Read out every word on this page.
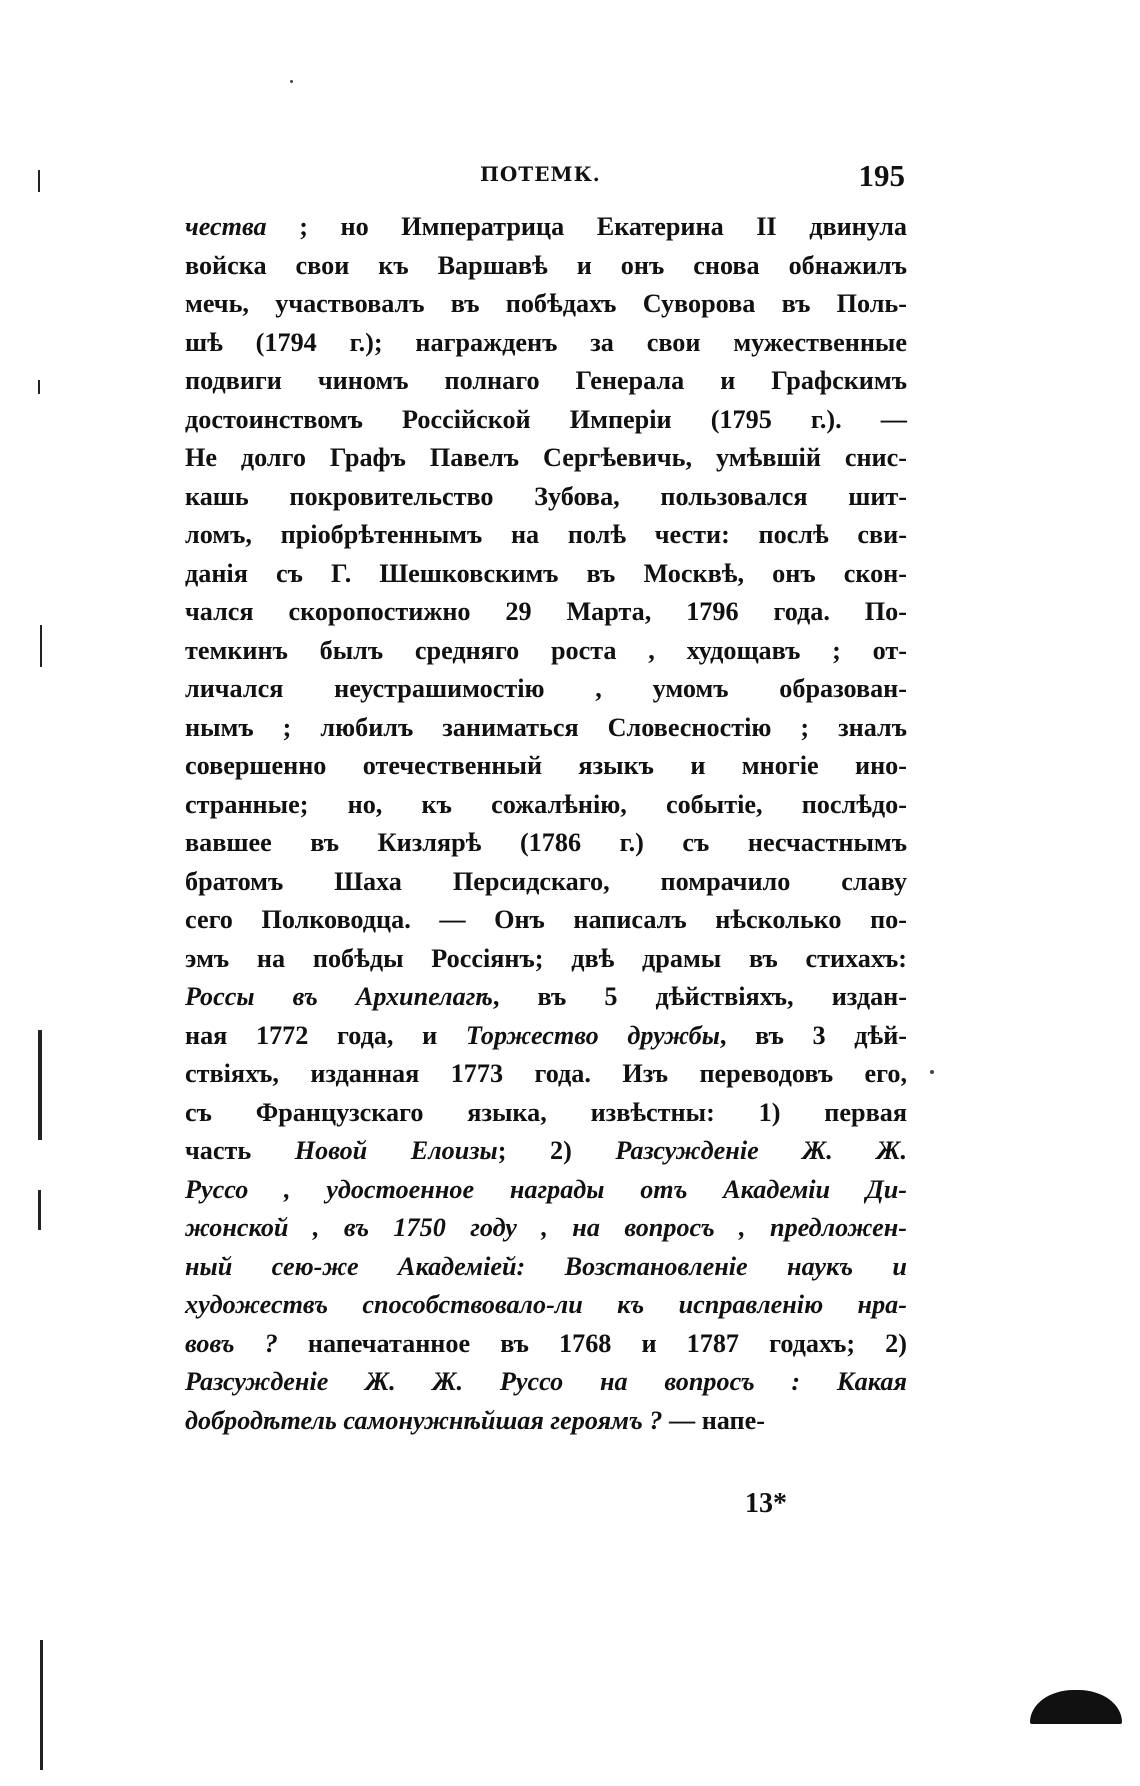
ПОТЕМК.	195
чества ; но Императрица Екатерина II двинула
войска свои къ Варшавѣ и онъ снова обнажилъ
мечь, участвовалъ въ побѣдахъ Суворова въ Поль-
шѣ (1794 г.); награжденъ за свои мужественные
подвиги чиномъ полнаго Генерала и Графскимъ
достоинствомъ Россійской Имперіи (1795 г.). —
Не долго Графъ Павелъ Сергѣевичь, умѣвшій снис-
кашь покровительство Зубова, пользовался шит-
ломъ, пріобрѣтеннымъ на полѣ чести: послѣ сви-
данія съ Г. Шешковскимъ въ Москвѣ, онъ скон-
чался скоропостижно 29 Марта, 1796 года. По-
темкинъ былъ средняго роста , худощавъ ; от-
личался неустрашимостію , умомъ образован-
нымъ ; любилъ заниматься Словесностію ; зналъ
совершенно отечественный языкъ и многіе ино-
странные; но, къ сожалѣнію, событіе, послѣдо-
вавшее въ Кизлярѣ (1786 г.) съ несчастнымъ
братомъ Шаха Персидскаго, помрачило славу
сего Полководца. — Онъ написалъ нѣсколько по-
эмъ на побѣды Россіянъ; двѣ драмы въ стихахъ:
Россы въ Архипелагѣ, въ 5 дѣйствіяхъ, издан-
ная 1772 года, и Торжество дружбы, въ 3 дѣй-
ствіяхъ, изданная 1773 года. Изъ переводовъ его,
съ Французскаго языка, извѣстны: 1) первая
часть Новой Елоизы; 2) Разсужденіе Ж. Ж.
Руссо , удостоенное награды отъ Академіи Ди-
жонской , въ 1750 году , на вопросъ , предложен-
ный сею-же Академіей: Возстановленіе наукъ и
художествъ способствовало-ли къ исправленію нра-
вовъ ? напечатанное въ 1768 и 1787 годахъ; 2)
Разсужденіе Ж. Ж. Руссо на вопросъ : Какая
добродѣтель самонужнѣйшая героямъ ? — напе-
13*
